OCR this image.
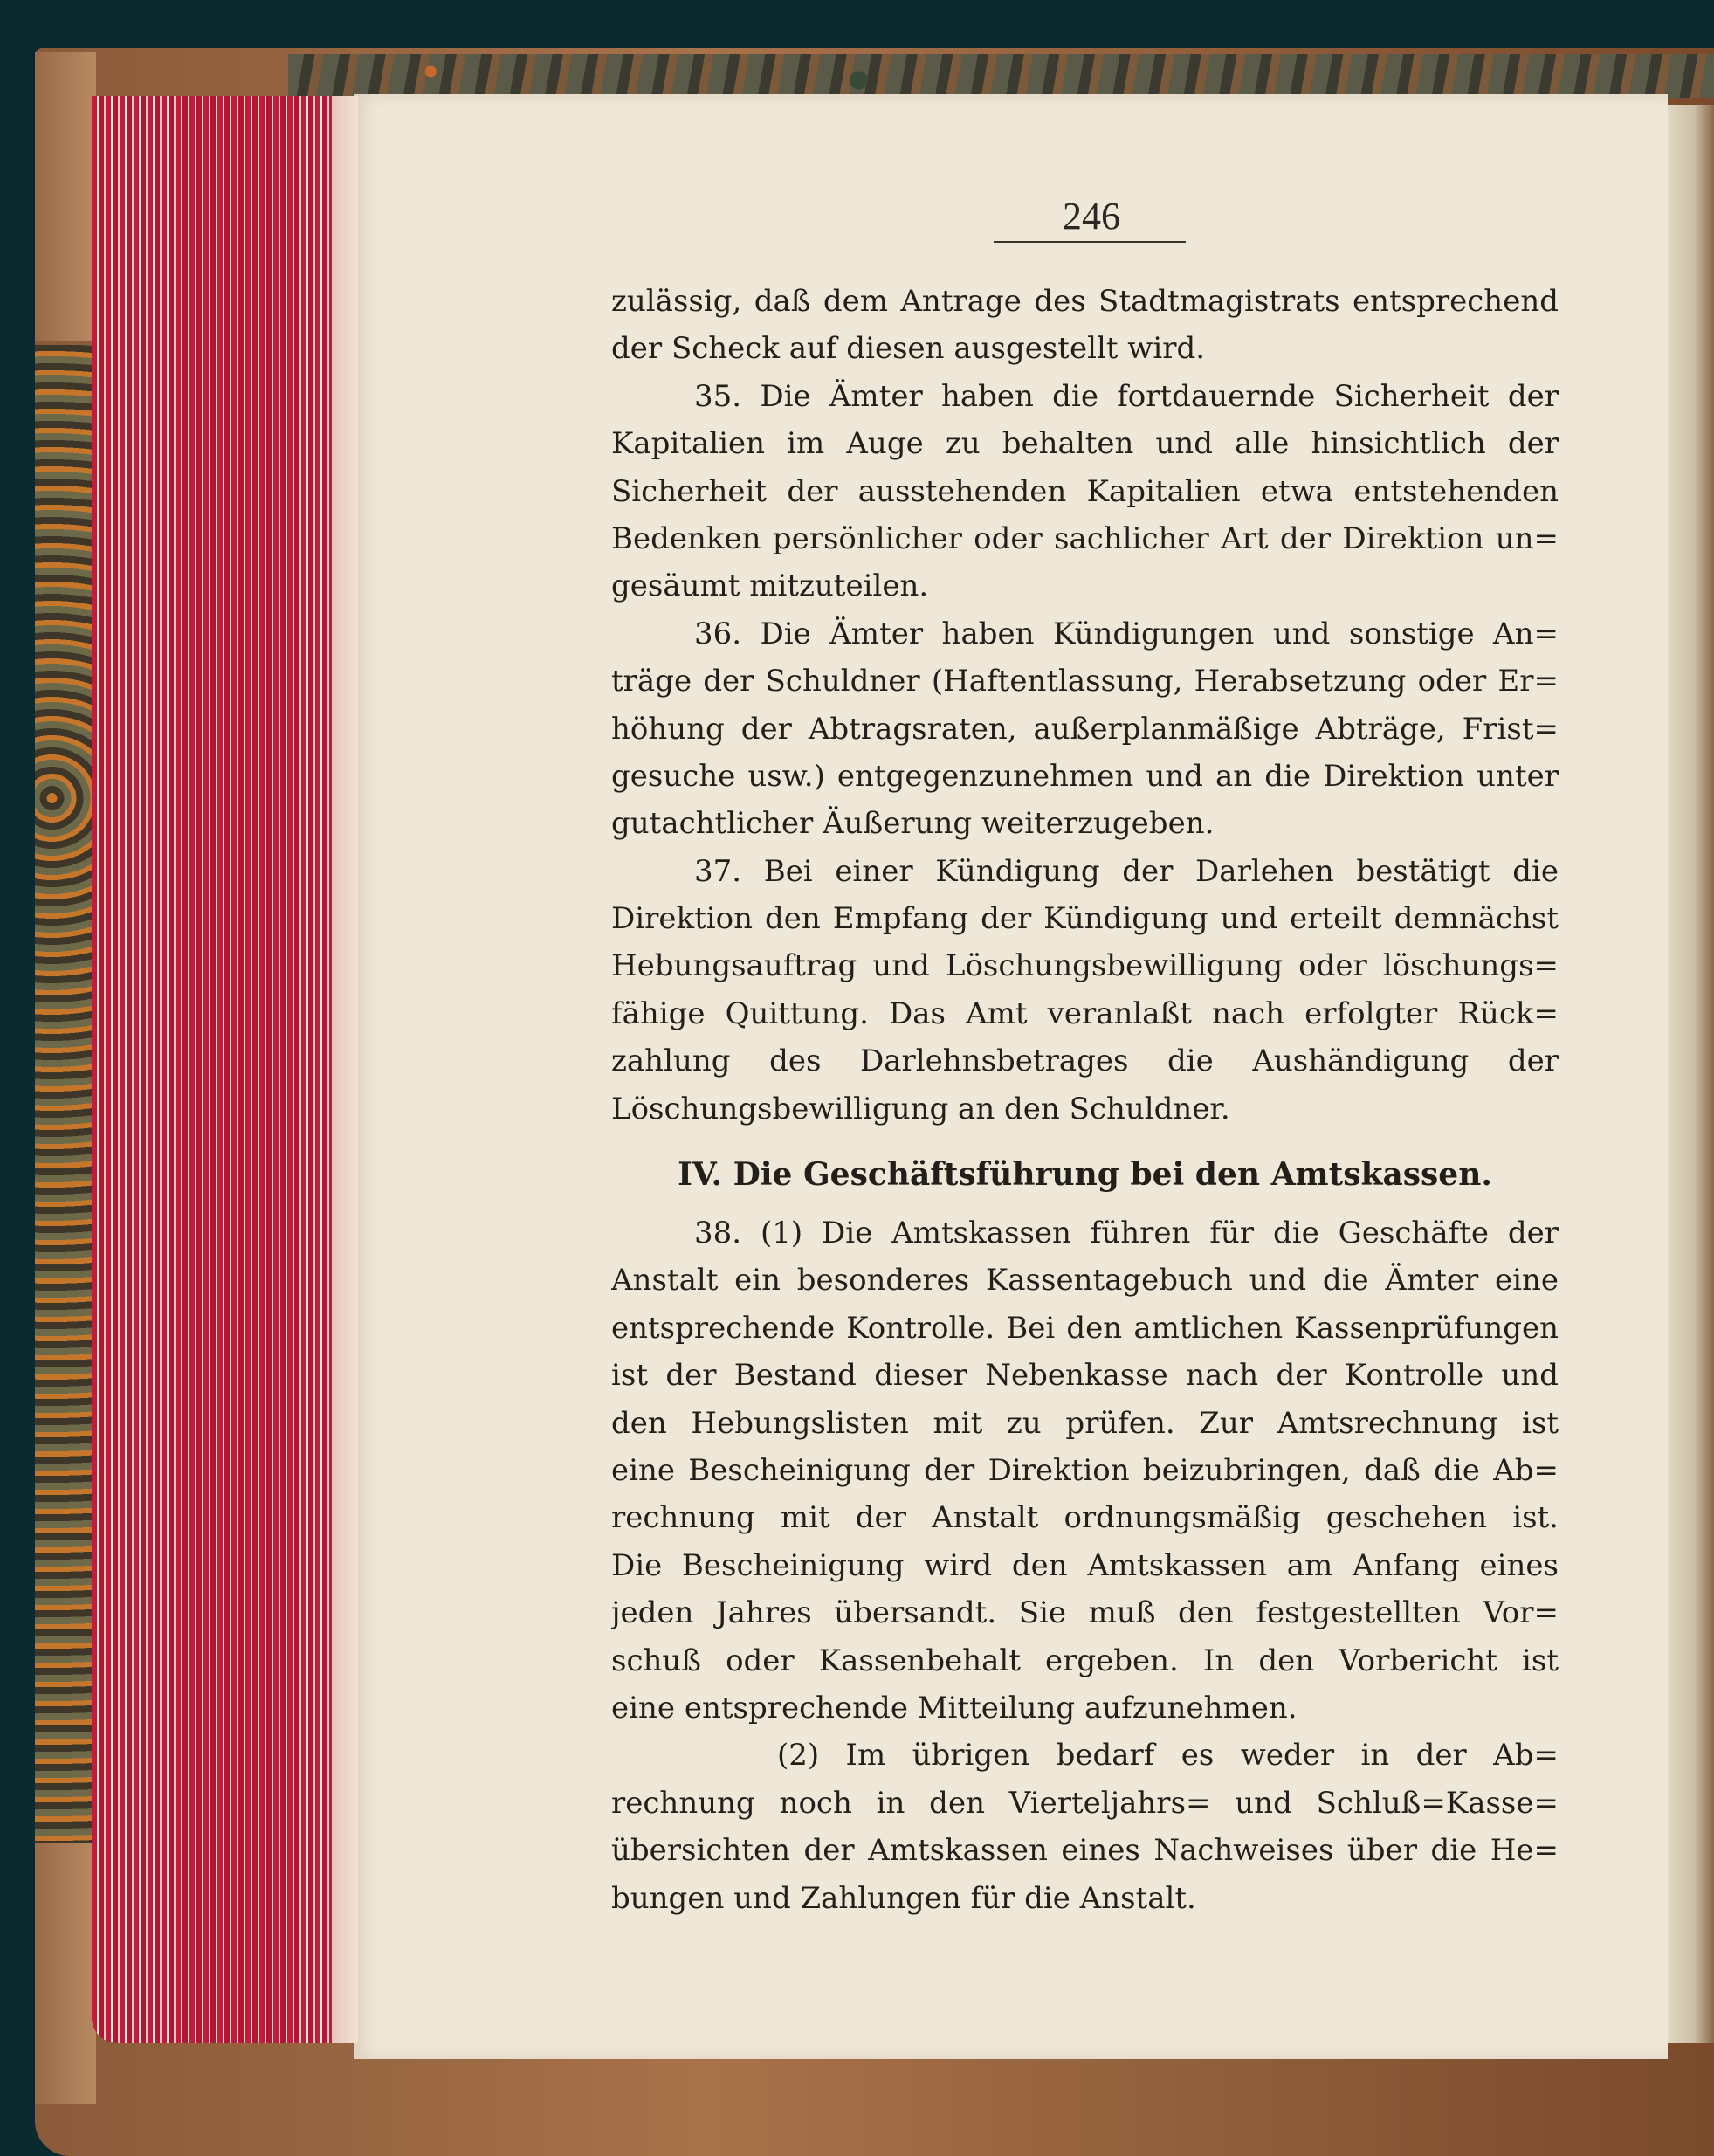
246
zulässig, daß dem Antrage des Stadtmagistrats entsprechend
der Scheck auf diesen ausgestellt wird.
35. Die Ämter haben die fortdauernde Sicherheit der
Kapitalien im Auge zu behalten und alle hinsichtlich der
Sicherheit der ausstehenden Kapitalien etwa entstehenden
Bedenken persönlicher oder sachlicher Art der Direktion un=
gesäumt mitzuteilen.
36. Die Ämter haben Kündigungen und sonstige An=
träge der Schuldner (Haftentlassung, Herabsetzung oder Er=
höhung der Abtragsraten, außerplanmäßige Abträge, Frist=
gesuche usw.) entgegenzunehmen und an die Direktion unter
gutachtlicher Äußerung weiterzugeben.
37. Bei einer Kündigung der Darlehen bestätigt die
Direktion den Empfang der Kündigung und erteilt demnächst
Hebungsauftrag und Löschungsbewilligung oder löschungs=
fähige Quittung. Das Amt veranlaßt nach erfolgter Rück=
zahlung des Darlehnsbetrages die Aushändigung der
Löschungsbewilligung an den Schuldner.
IV. Die Geschäftsführung bei den Amtskassen.
38. (1) Die Amtskassen führen für die Geschäfte der
Anstalt ein besonderes Kassentagebuch und die Ämter eine
entsprechende Kontrolle. Bei den amtlichen Kassenprüfungen
ist der Bestand dieser Nebenkasse nach der Kontrolle und
den Hebungslisten mit zu prüfen. Zur Amtsrechnung ist
eine Bescheinigung der Direktion beizubringen, daß die Ab=
rechnung mit der Anstalt ordnungsmäßig geschehen ist.
Die Bescheinigung wird den Amtskassen am Anfang eines
jeden Jahres übersandt. Sie muß den festgestellten Vor=
schuß oder Kassenbehalt ergeben. In den Vorbericht ist
eine entsprechende Mitteilung aufzunehmen.
(2) Im übrigen bedarf es weder in der Ab=
rechnung noch in den Vierteljahrs= und Schluß=Kasse=
übersichten der Amtskassen eines Nachweises über die He=
bungen und Zahlungen für die Anstalt.
